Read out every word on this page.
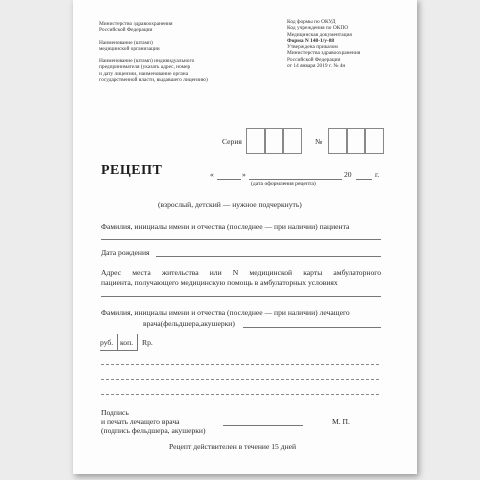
Министерство здравоохранения
Российской Федерации
Наименование (штамп)
медицинской организации
Наименование (штамп) индивидуального
предпринимателя (указать адрес, номер
и дату лицензии, наименование органа
государственной власти, выдавшего лицензию)
Код формы по ОКУД
Код учреждения по ОКПО
Медицинская документация
Форма N 148-1/у-88
Утверждена приказом
Министерства здравоохранения
Российской Федерации
от 14 января 2019 г. № 4н
Серия	№
РЕЦЕПТ	«	»	20	г.
(дата оформления рецепта)
(взрослый, детский — нужное подчеркнуть)
Фамилия, инициалы имени и отчества (последнее — при наличии) пациента
Дата рождения
Адрес места жительства или N медицинской карты амбулаторного
пациента, получающего медицинскую помощь в амбулаторных условиях
Фамилия, инициалы имени и отчества (последнее — при наличии) лечащего
врача(фельдшера,акушерки)
руб. коп. Rp.
Подпись
и печать лечащего врача
(подпись фельдшера, акушерки)
М. П.
Рецепт действителен в течение 15 дней
